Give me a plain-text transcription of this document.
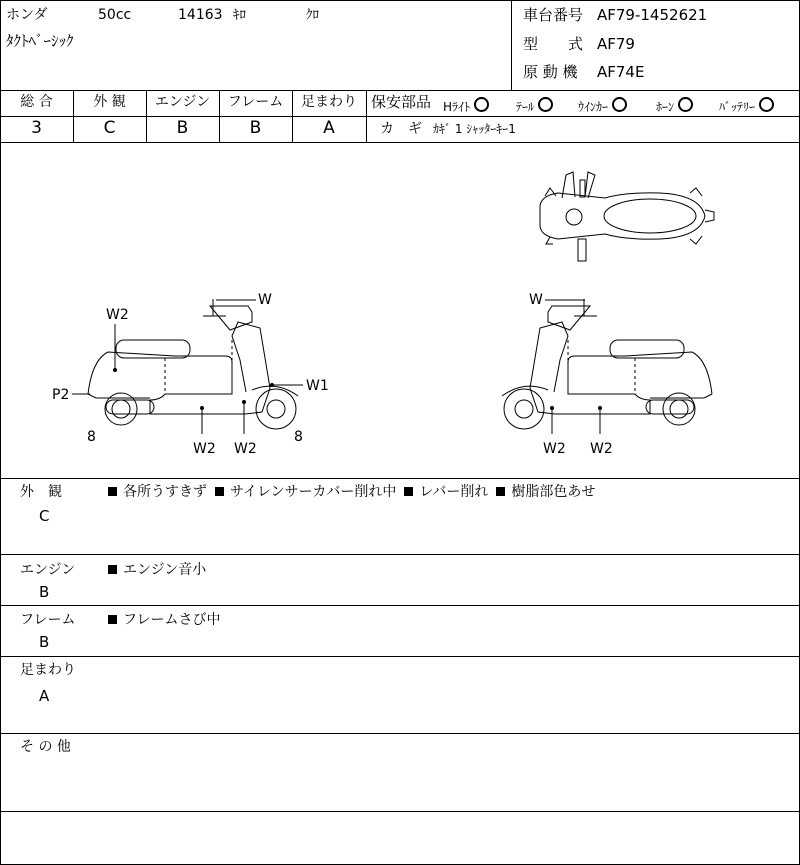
ホンダ	50cc	14163 ｷﾛ	ｸﾛ
ﾀｸﾄﾍﾞｰｼｯｸ
車台番号 AF79-1452621
型　　式 AF79
原 動 機 AF74E
総 合	外 観	エンジン	フレーム	足まわり
3	C	B	B	A
保安部品 Hﾗｲﾄ	ﾃｰﾙ	ｳｲﾝｶｰ	ﾎｰﾝ	ﾊﾞｯﾃﾘｰ
カ　ギ ｶｷﾞ 1 ｼｬｯﾀｰｷｰ1
W
W2
W1
P2
8	8
W2 W2
W
W2 W2
外　観
C
各所うすきず サイレンサーカバー削れ中 レバー削れ 樹脂部色あせ
エンジン
B
エンジン音小
フレーム
B
フレームさび中
足まわり
A
そ の 他
